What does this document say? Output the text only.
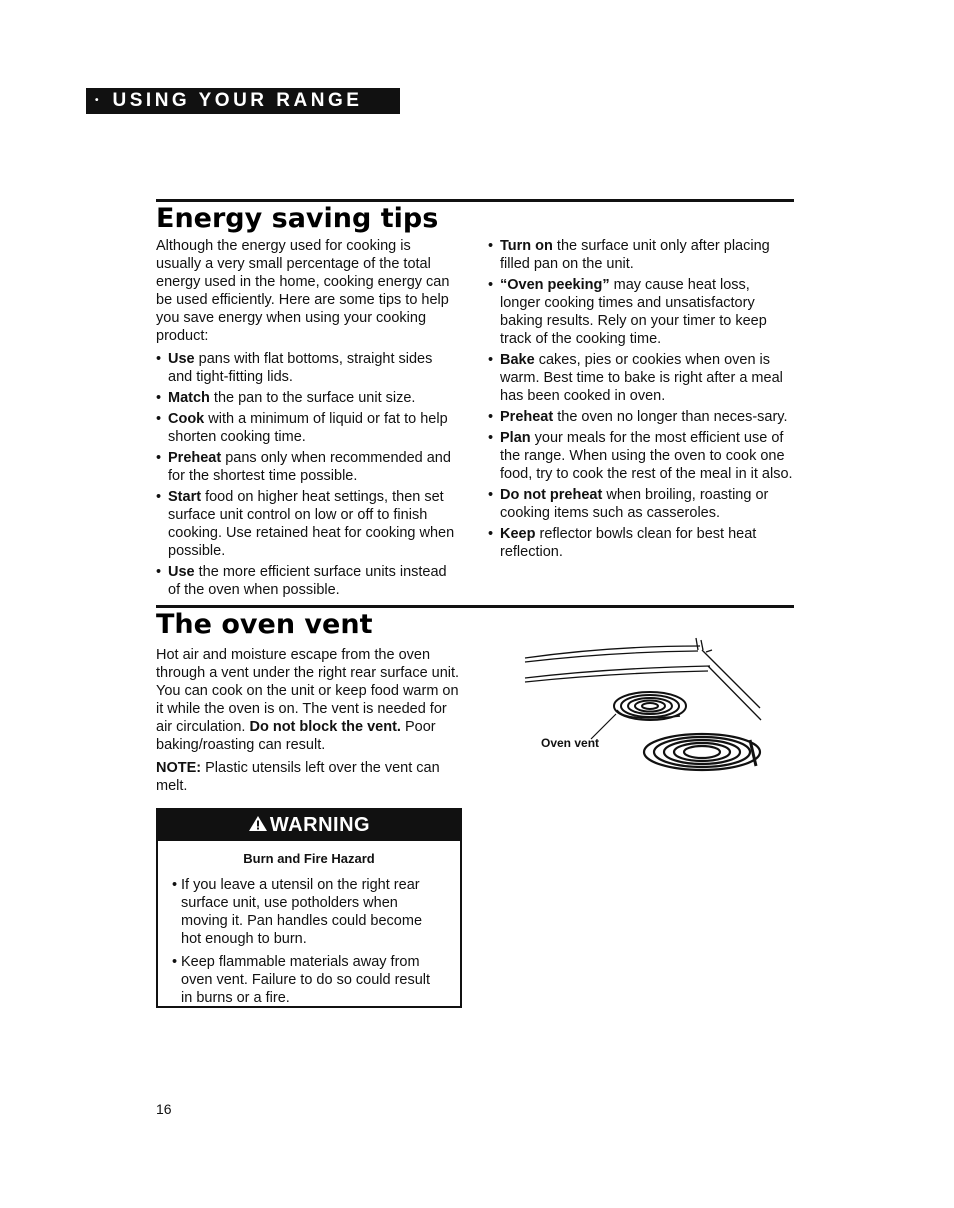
• USING YOUR RANGE
Energy saving tips

Although the energy used for cooking is usually a very small percentage of the total energy used in the home, cooking energy can be used efficiently. Here are some tips to help you save energy when using your cooking product:

• Use pans with flat bottoms, straight sides and tight-fitting lids.
• Match the pan to the surface unit size.
• Cook with a minimum of liquid or fat to help shorten cooking time.
• Preheat pans only when recommended and for the shortest time possible.
• Start food on higher heat settings, then set surface unit control on low or off to finish cooking. Use retained heat for cooking when possible.
• Use the more efficient surface units instead of the oven when possible.
• Turn on the surface unit only after placing filled pan on the unit.
• “Oven peeking” may cause heat loss, longer cooking times and unsatisfactory baking results. Rely on your timer to keep track of the cooking time.
• Bake cakes, pies or cookies when oven is warm. Best time to bake is right after a meal has been cooked in oven.
• Preheat the oven no longer than neces-sary.
• Plan your meals for the most efficient use of the range. When using the oven to cook one food, try to cook the rest of the meal in it also.
• Do not preheat when broiling, roasting or cooking items such as casseroles.
• Keep reflector bowls clean for best heat reflection.
The oven vent

Hot air and moisture escape from the oven through a vent under the right rear surface unit. You can cook on the unit or keep food warm on it while the oven is on. The vent is needed for air circulation. Do not block the vent. Poor baking/roasting can result.

NOTE: Plastic utensils left over the vent can melt.

WARNING
Burn and Fire Hazard
• If you leave a utensil on the right rear surface unit, use potholders when moving it. Pan handles could become hot enough to burn.
• Keep flammable materials away from oven vent. Failure to do so could result in burns or a fire.
Oven vent
16
